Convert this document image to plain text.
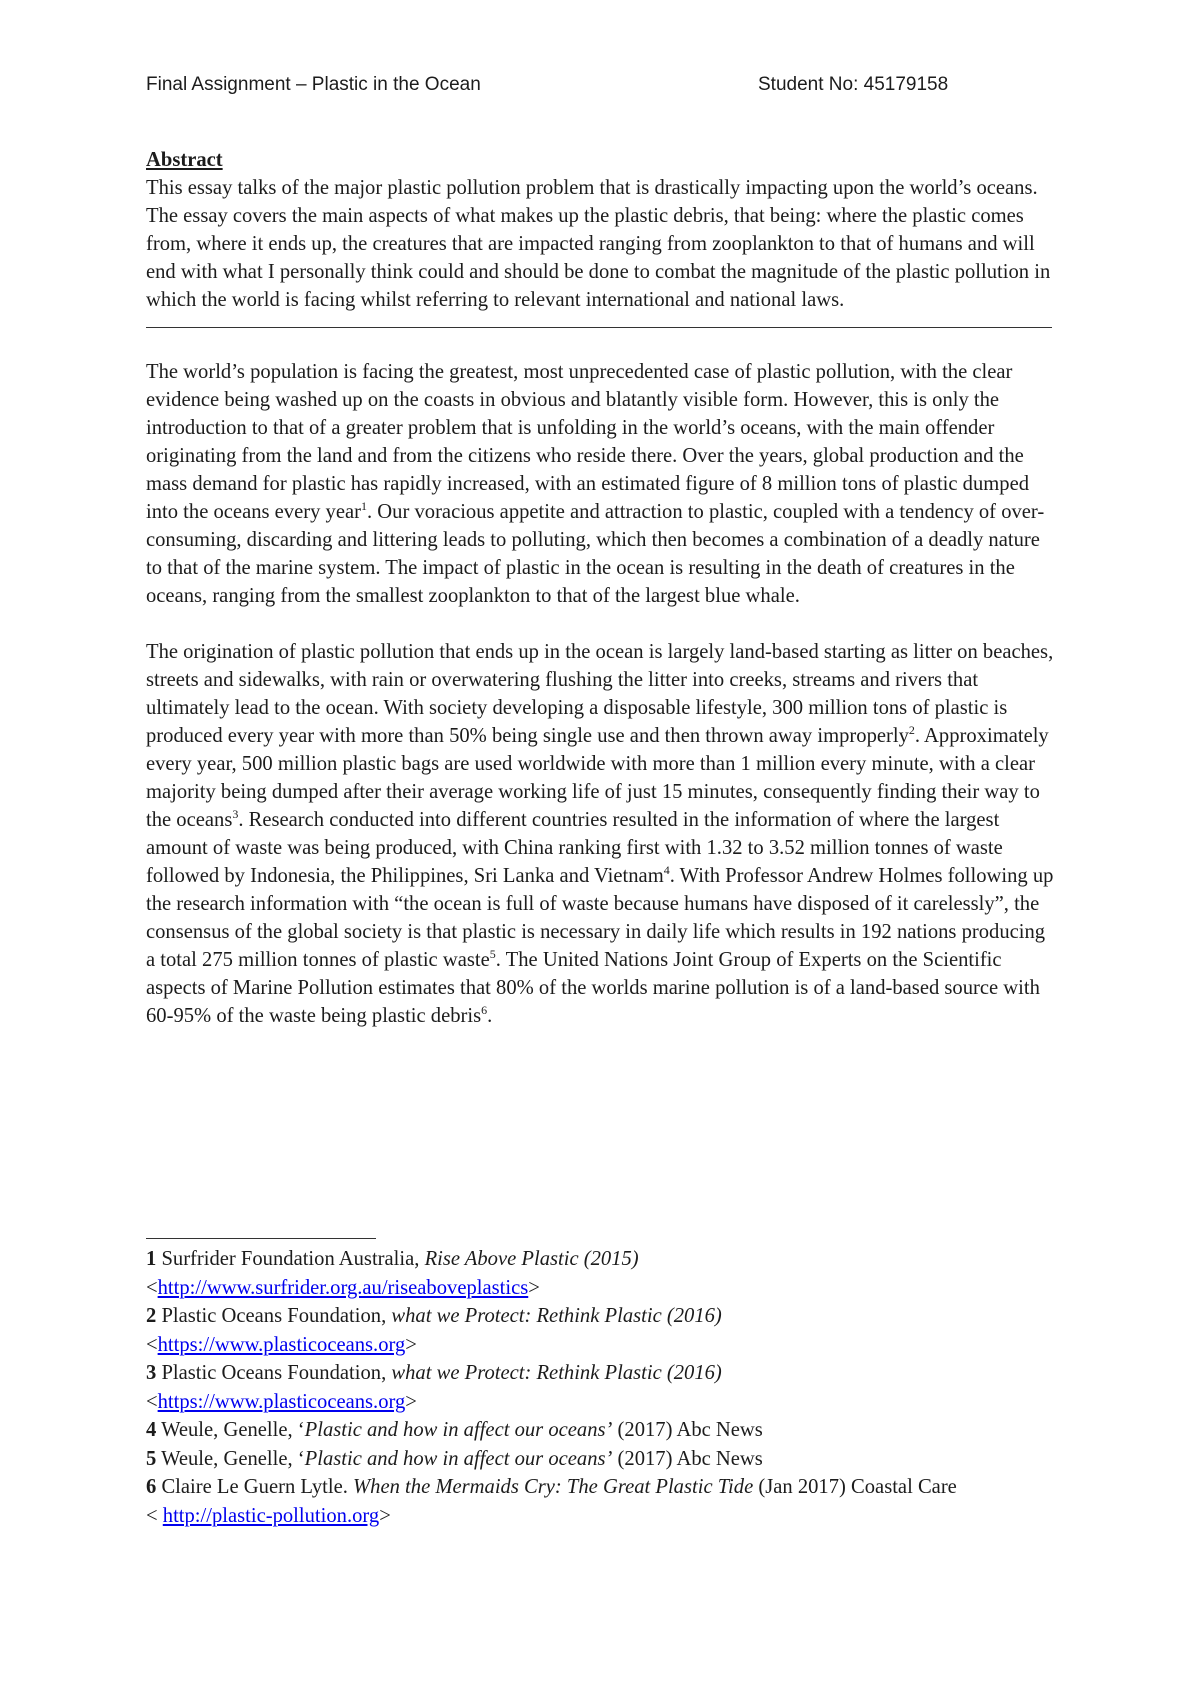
Final Assignment – Plastic in the Ocean	Student No: 45179158

Abstract

This essay talks of the major plastic pollution problem that is drastically impacting upon the world’s oceans. The essay covers the main aspects of what makes up the plastic debris, that being: where the plastic comes from, where it ends up, the creatures that are impacted ranging from zooplankton to that of humans and will end with what I personally think could and should be done to combat the magnitude of the plastic pollution in which the world is facing whilst referring to relevant international and national laws.

The world’s population is facing the greatest, most unprecedented case of plastic pollution, with the clear evidence being washed up on the coasts in obvious and blatantly visible form. However, this is only the introduction to that of a greater problem that is unfolding in the world’s oceans, with the main offender originating from the land and from the citizens who reside there. Over the years, global production and the mass demand for plastic has rapidly increased, with an estimated figure of 8 million tons of plastic dumped into the oceans every year$^1$. Our voracious appetite and attraction to plastic, coupled with a tendency of over-consuming, discarding and littering leads to polluting, which then becomes a combination of a deadly nature to that of the marine system. The impact of plastic in the ocean is resulting in the death of creatures in the oceans, ranging from the smallest zooplankton to that of the largest blue whale.

The origination of plastic pollution that ends up in the ocean is largely land-based starting as litter on beaches, streets and sidewalks, with rain or overwatering flushing the litter into creeks, streams and rivers that ultimately lead to the ocean. With society developing a disposable lifestyle, 300 million tons of plastic is produced every year with more than 50% being single use and then thrown away improperly$^2$. Approximately every year, 500 million plastic bags are used worldwide with more than 1 million every minute, with a clear majority being dumped after their average working life of just 15 minutes, consequently finding their way to the oceans$^3$. Research conducted into different countries resulted in the information of where the largest amount of waste was being produced, with China ranking first with 1.32 to 3.52 million tonnes of waste followed by Indonesia, the Philippines, Sri Lanka and Vietnam$^4$. With Professor Andrew Holmes following up the research information with “the ocean is full of waste because humans have disposed of it carelessly”, the consensus of the global society is that plastic is necessary in daily life which results in 192 nations producing a total 275 million tonnes of plastic waste$^5$. The United Nations Joint Group of Experts on the Scientific aspects of Marine Pollution estimates that 80% of the worlds marine pollution is of a land-based source with 60-95% of the waste being plastic debris$^6$.

1 Surfrider Foundation Australia, Rise Above Plastic (2015)
<http://www.surfrider.org.au/riseaboveplastics>

2 Plastic Oceans Foundation, what we Protect: Rethink Plastic (2016)
<https://www.plasticoceans.org>

3 Plastic Oceans Foundation, what we Protect: Rethink Plastic (2016)
<https://www.plasticoceans.org>

4 Weule, Genelle, ‘Plastic and how in affect our oceans’ (2017) Abc News

5 Weule, Genelle, ‘Plastic and how in affect our oceans’ (2017) Abc News

6 Claire Le Guern Lytle. When the Mermaids Cry: The Great Plastic Tide (Jan 2017) Coastal Care
< http://plastic-pollution.org>
